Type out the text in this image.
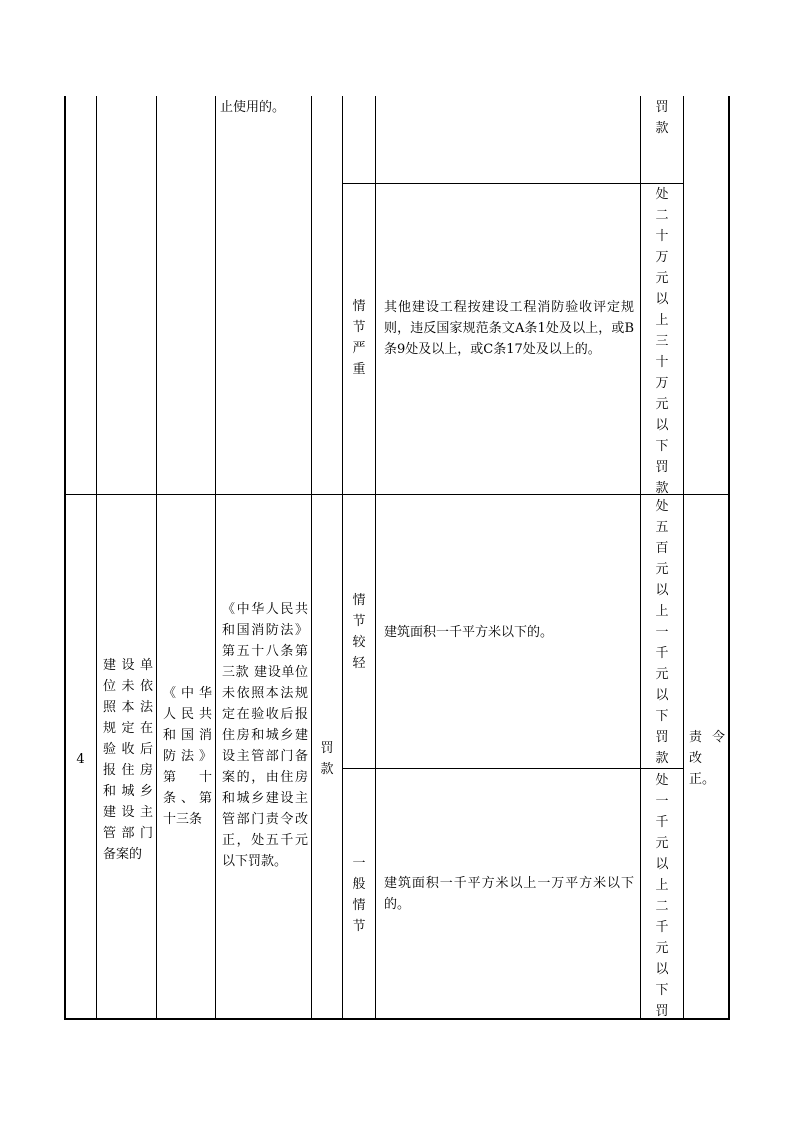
止使用的。	罚
款
情
节
严
重
其他建设工程按建设工程消防验收评定规则，违反国家规范条文A条1处及以上，或B条9处及以上，或C条17处及以上的。
处
二
十
万
元
以
上
三
十
万
元
以
下
罚
款
4
建设单位未依照本法规定在验收后报住房和城乡建设主管部门备案的
《中华人民共和国消防法》第十条、第十三条
《中华人民共和国消防法》第五十八条第三款 建设单位未依照本法规定在验收后报住房和城乡建设主管部门备案的，由住房和城乡建设主管部门责令改正，处五千元以下罚款。
罚
款
情
节
较
轻
建筑面积一千平方米以下的。
处
五
百
元
以
上
一
千
元
以
下
罚
款
一
般
情
节
建筑面积一千平方米以上一万平方米以下的。
处
一
千
元
以
上
二
千
元
以
下
罚
责令改正。
